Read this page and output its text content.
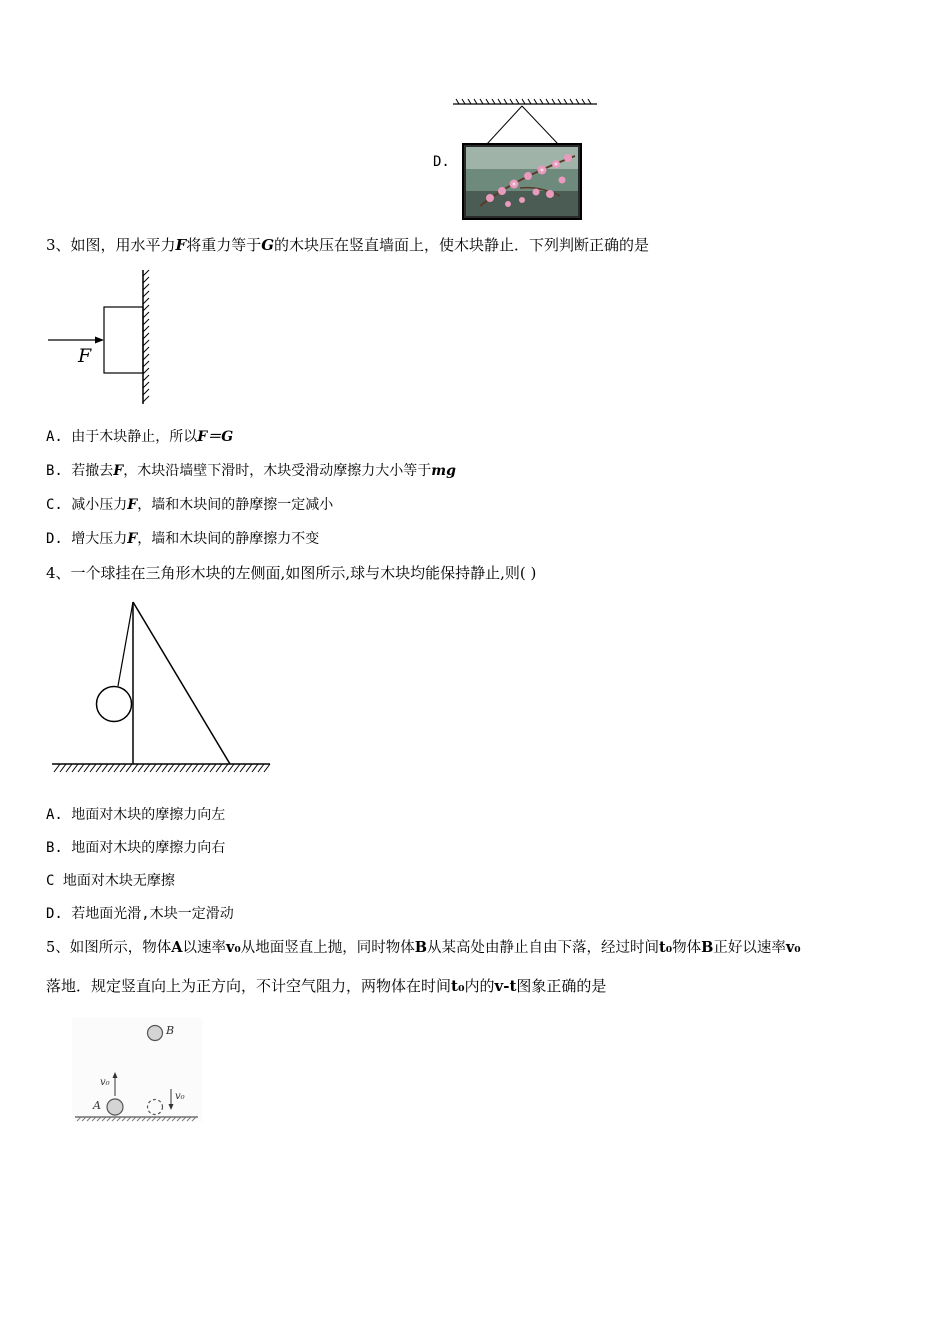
D.
3、如图，用水平力F将重力等于G的木块压在竖直墙面上，使木块静止．下列判断正确的是
F
A. 由于木块静止，所以F＝G
B. 若撤去F，木块沿墙壁下滑时，木块受滑动摩擦力大小等于mg
C. 减小压力F，墙和木块间的静摩擦一定减小
D. 增大压力F，墙和木块间的静摩擦力不变
4、一个球挂在三角形木块的左侧面,如图所示,球与木块均能保持静止,则( )
A. 地面对木块的摩擦力向左
B. 地面对木块的摩擦力向右
C 地面对木块无摩擦
D. 若地面光滑,木块一定滑动
5、如图所示，物体A以速率v₀从地面竖直上抛，同时物体B从某高处由静止自由下落，经过时间t₀物体B正好以速率v₀
落地．规定竖直向上为正方向，不计空气阻力，两物体在时间t₀内的v-t图象正确的是
B
A
v₀
v₀
